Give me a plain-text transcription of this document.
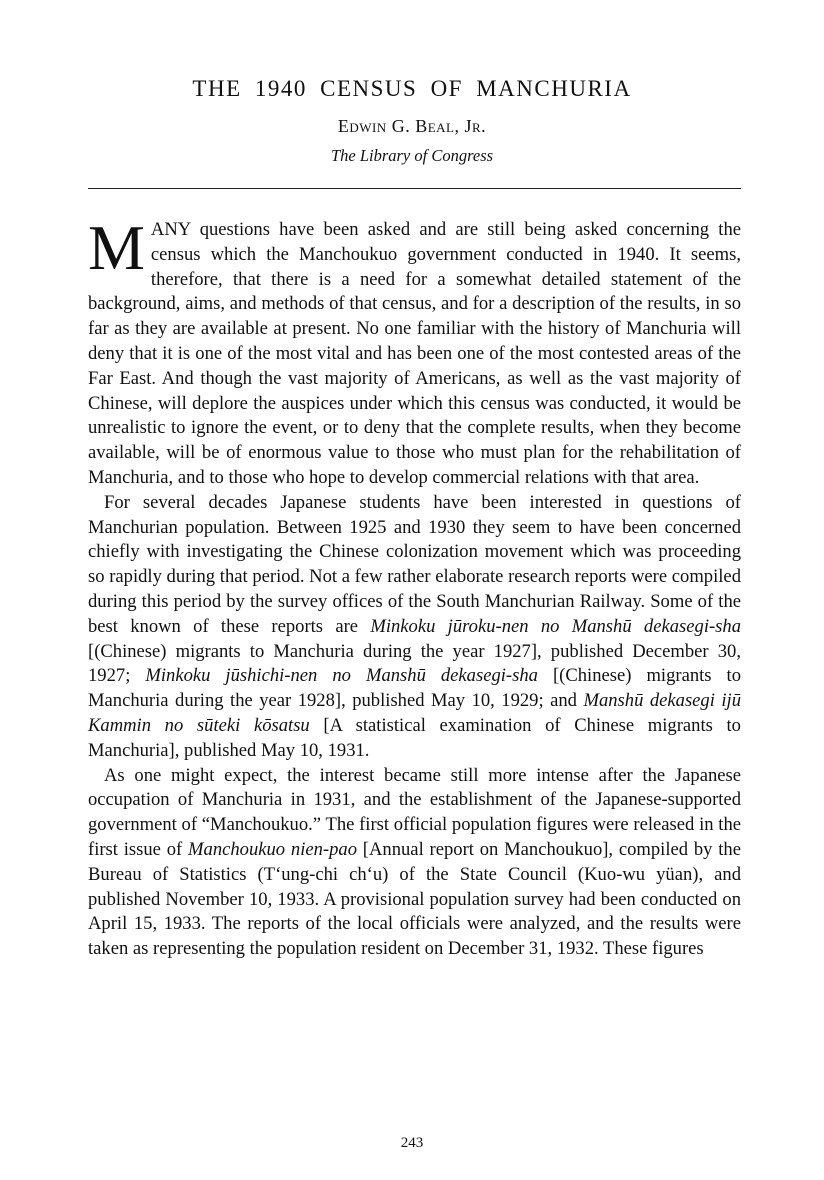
THE 1940 CENSUS OF MANCHURIA

Edwin G. Beal, Jr.

The Library of Congress

MANY questions have been asked and are still being asked concerning the census which the Manchoukuo government conducted in 1940. It seems, therefore, that there is a need for a somewhat detailed statement of the background, aims, and methods of that census, and for a description of the results, in so far as they are available at present. No one familiar with the history of Manchuria will deny that it is one of the most vital and has been one of the most contested areas of the Far East. And though the vast majority of Americans, as well as the vast majority of Chinese, will deplore the auspices under which this census was conducted, it would be unrealistic to ignore the event, or to deny that the complete results, when they become available, will be of enormous value to those who must plan for the rehabilitation of Manchuria, and to those who hope to develop commercial relations with that area.

For several decades Japanese students have been interested in questions of Manchurian population. Between 1925 and 1930 they seem to have been concerned chiefly with investigating the Chinese colonization movement which was proceeding so rapidly during that period. Not a few rather elaborate research reports were compiled during this period by the survey offices of the South Manchurian Railway. Some of the best known of these reports are Minkoku jūroku-nen no Manshū dekasegi-sha [(Chinese) migrants to Manchuria during the year 1927], published December 30, 1927; Minkoku jūshichi-nen no Manshū dekasegi-sha [(Chinese) migrants to Manchuria during the year 1928], published May 10, 1929; and Manshū dekasegi ijū Kammin no sūteki kōsatsu [A statistical examination of Chinese migrants to Manchuria], published May 10, 1931.

As one might expect, the interest became still more intense after the Japanese occupation of Manchuria in 1931, and the establishment of the Japanese-supported government of “Manchoukuo.” The first official population figures were released in the first issue of Manchoukuo nien-pao [Annual report on Manchoukuo], compiled by the Bureau of Statistics (T‘ung-chi ch‘u) of the State Council (Kuo-wu yüan), and published November 10, 1933. A provisional population survey had been conducted on April 15, 1933. The reports of the local officials were analyzed, and the results were taken as representing the population resident on December 31, 1932. These figures

243
